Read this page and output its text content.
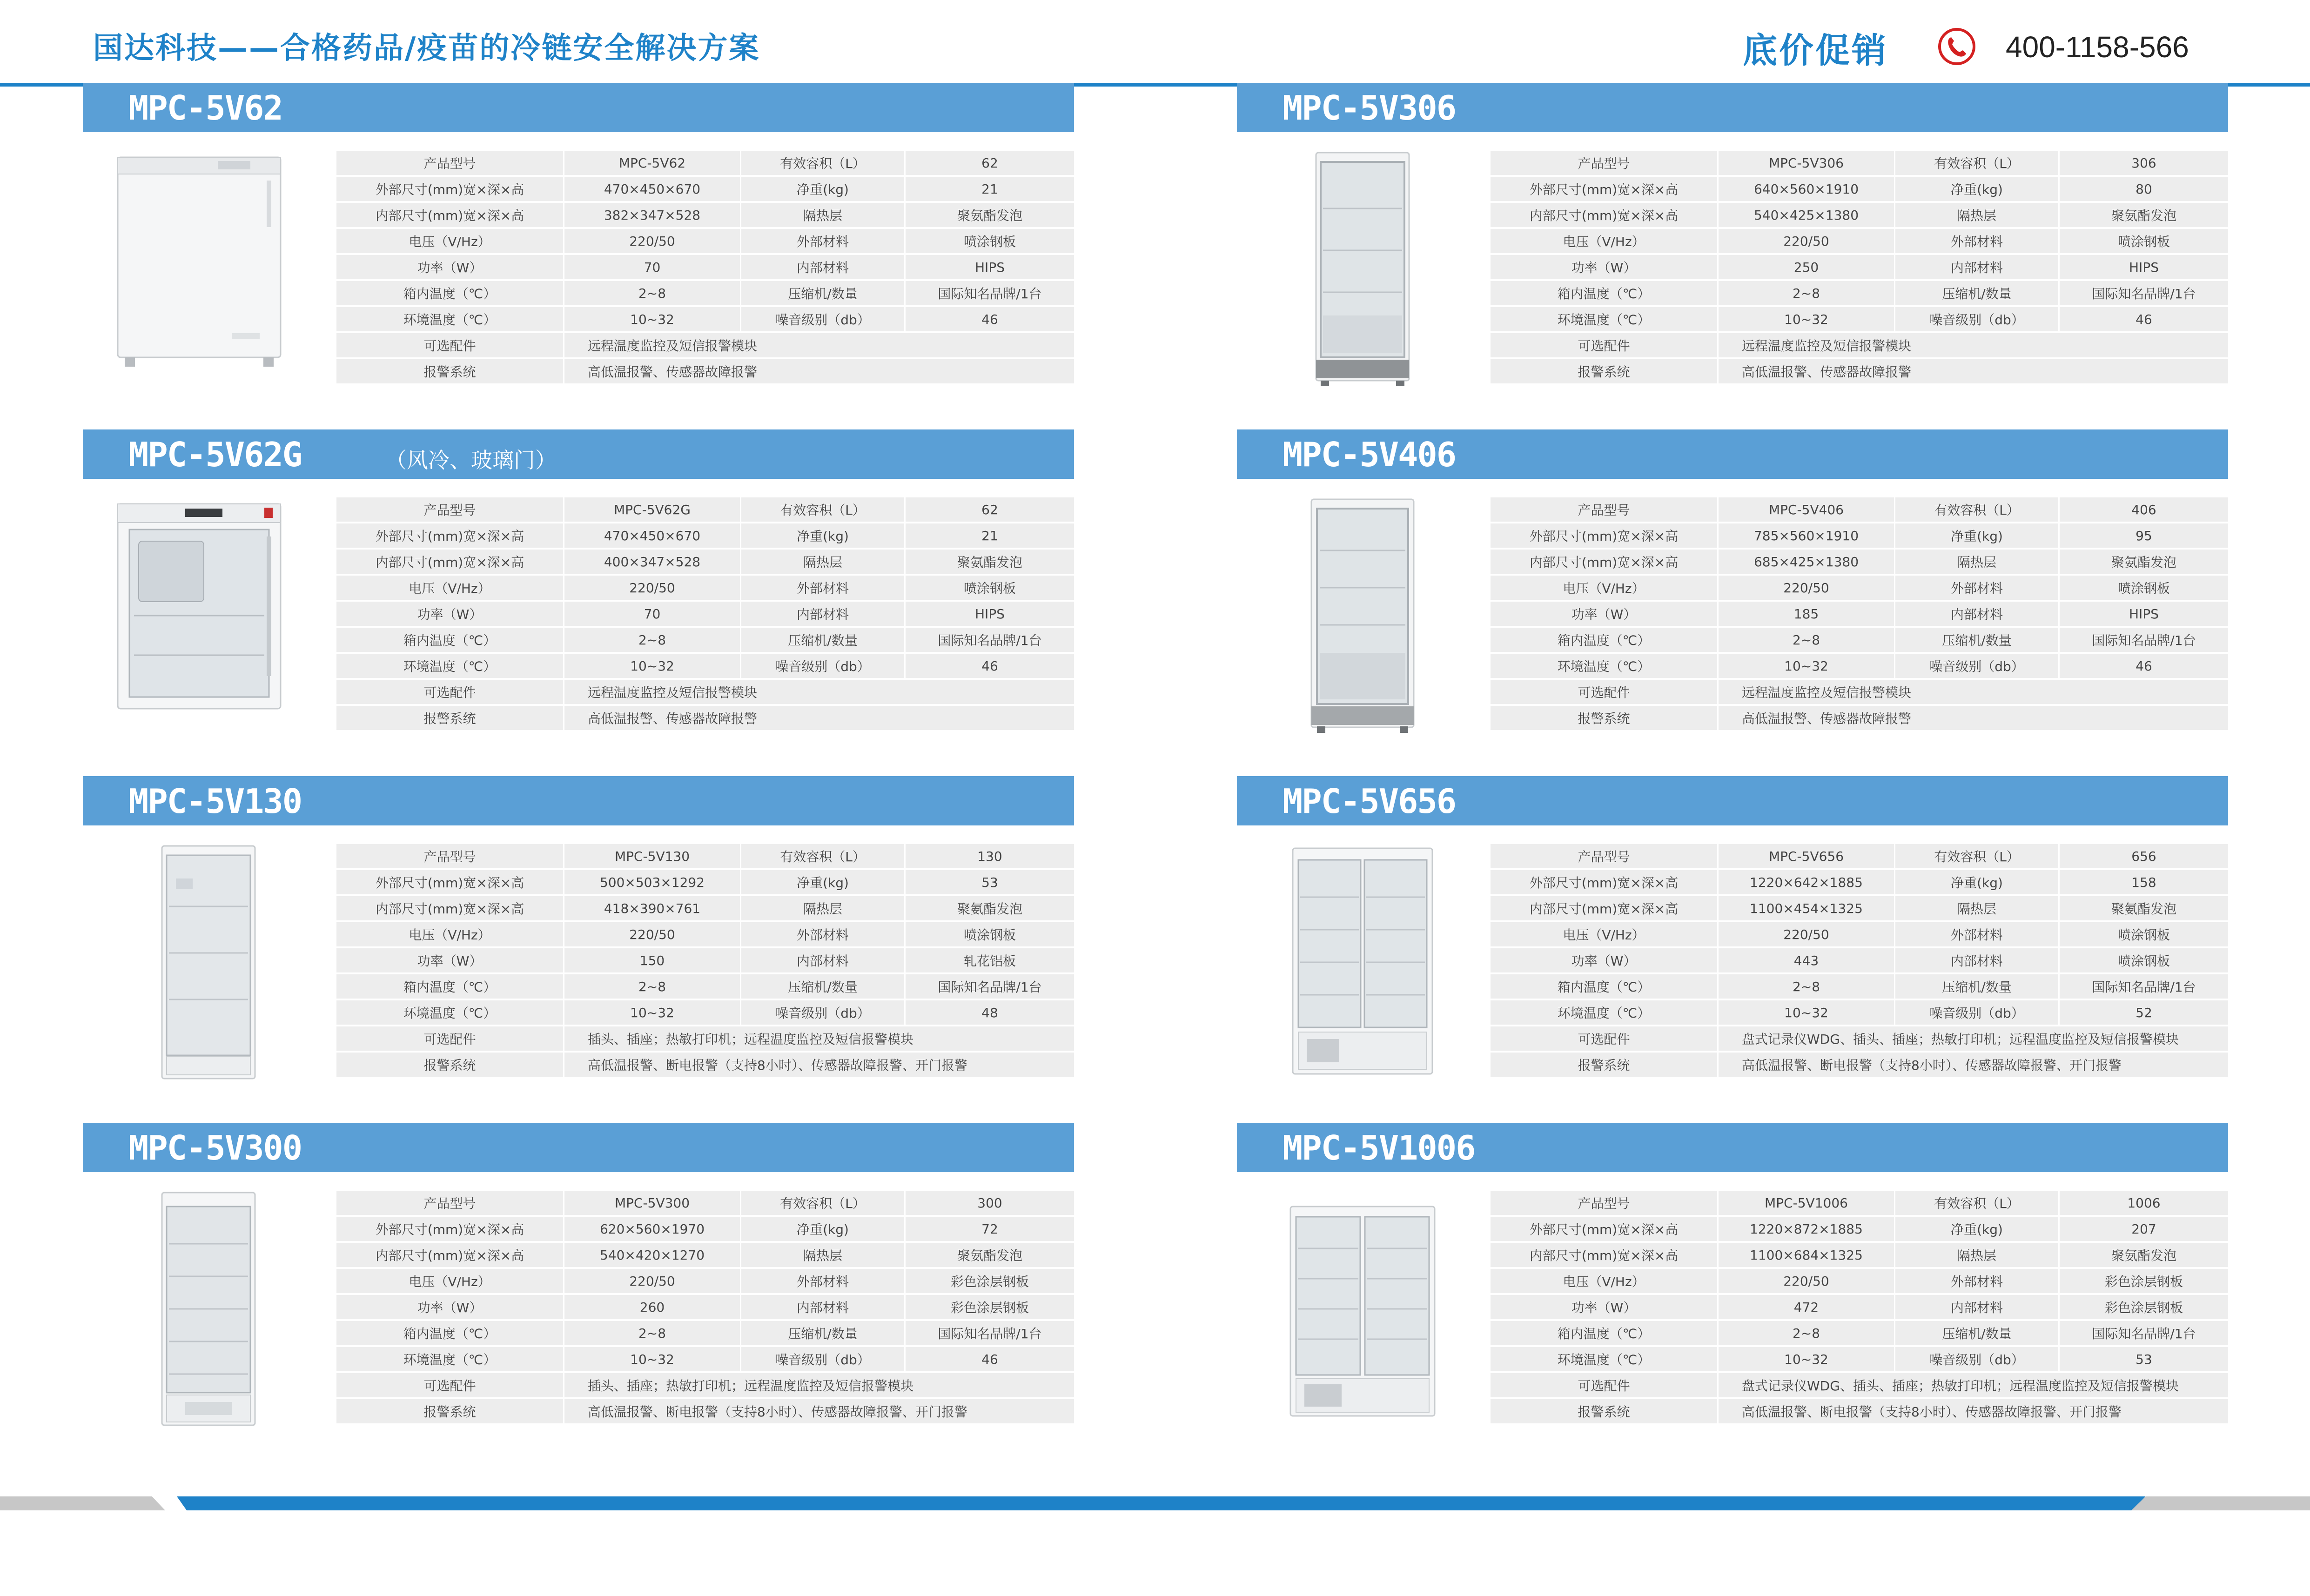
国达科技——合格药品/疫苗的冷链安全解决方案	底价促销	400-1158-566
MPC-5V62
产品型号	MPC-5V62	有效容积（L）	62
外部尺寸(mm)宽×深×高	470×450×670	净重(kg)	21
内部尺寸(mm)宽×深×高	382×347×528	隔热层	聚氨酯发泡
电压（V/Hz）	220/50	外部材料	喷涂钢板
功率（W）	70	内部材料	HIPS
箱内温度（℃）	2~8	压缩机/数量	国际知名品牌/1台
环境温度（℃）	10~32	噪音级别（db）	46
可选配件	远程温度监控及短信报警模块		
报警系统	高低温报警、传感器故障报警		
MPC-5V62G	（风冷、玻璃门）
产品型号	MPC-5V62G	有效容积（L）	62
外部尺寸(mm)宽×深×高	470×450×670	净重(kg)	21
内部尺寸(mm)宽×深×高	400×347×528	隔热层	聚氨酯发泡
电压（V/Hz）	220/50	外部材料	喷涂钢板
功率（W）	70	内部材料	HIPS
箱内温度（℃）	2~8	压缩机/数量	国际知名品牌/1台
环境温度（℃）	10~32	噪音级别（db）	46
可选配件	远程温度监控及短信报警模块		
报警系统	高低温报警、传感器故障报警		
MPC-5V130
产品型号	MPC-5V130	有效容积（L）	130
外部尺寸(mm)宽×深×高	500×503×1292	净重(kg)	53
内部尺寸(mm)宽×深×高	418×390×761	隔热层	聚氨酯发泡
电压（V/Hz）	220/50	外部材料	喷涂钢板
功率（W）	150	内部材料	轧花铝板
箱内温度（℃）	2~8	压缩机/数量	国际知名品牌/1台
环境温度（℃）	10~32	噪音级别（db）	48
可选配件	插头、插座；热敏打印机；远程温度监控及短信报警模块		
报警系统	高低温报警、断电报警（支持8小时）、传感器故障报警、开门报警		
MPC-5V300
产品型号	MPC-5V300	有效容积（L）	300
外部尺寸(mm)宽×深×高	620×560×1970	净重(kg)	72
内部尺寸(mm)宽×深×高	540×420×1270	隔热层	聚氨酯发泡
电压（V/Hz）	220/50	外部材料	彩色涂层钢板
功率（W）	260	内部材料	彩色涂层钢板
箱内温度（℃）	2~8	压缩机/数量	国际知名品牌/1台
环境温度（℃）	10~32	噪音级别（db）	46
可选配件	插头、插座；热敏打印机；远程温度监控及短信报警模块		
报警系统	高低温报警、断电报警（支持8小时）、传感器故障报警、开门报警		
MPC-5V306
产品型号	MPC-5V306	有效容积（L）	306
外部尺寸(mm)宽×深×高	640×560×1910	净重(kg)	80
内部尺寸(mm)宽×深×高	540×425×1380	隔热层	聚氨酯发泡
电压（V/Hz）	220/50	外部材料	喷涂钢板
功率（W）	250	内部材料	HIPS
箱内温度（℃）	2~8	压缩机/数量	国际知名品牌/1台
环境温度（℃）	10~32	噪音级别（db）	46
可选配件	远程温度监控及短信报警模块		
报警系统	高低温报警、传感器故障报警		
MPC-5V406
产品型号	MPC-5V406	有效容积（L）	406
外部尺寸(mm)宽×深×高	785×560×1910	净重(kg)	95
内部尺寸(mm)宽×深×高	685×425×1380	隔热层	聚氨酯发泡
电压（V/Hz）	220/50	外部材料	喷涂钢板
功率（W）	185	内部材料	HIPS
箱内温度（℃）	2~8	压缩机/数量	国际知名品牌/1台
环境温度（℃）	10~32	噪音级别（db）	46
可选配件	远程温度监控及短信报警模块		
报警系统	高低温报警、传感器故障报警		
MPC-5V656
产品型号	MPC-5V656	有效容积（L）	656
外部尺寸(mm)宽×深×高	1220×642×1885	净重(kg)	158
内部尺寸(mm)宽×深×高	1100×454×1325	隔热层	聚氨酯发泡
电压（V/Hz）	220/50	外部材料	喷涂钢板
功率（W）	443	内部材料	喷涂钢板
箱内温度（℃）	2~8	压缩机/数量	国际知名品牌/1台
环境温度（℃）	10~32	噪音级别（db）	52
可选配件	盘式记录仪WDG、插头、插座；热敏打印机；远程温度监控及短信报警模块		
报警系统	高低温报警、断电报警（支持8小时）、传感器故障报警、开门报警		
MPC-5V1006
产品型号	MPC-5V1006	有效容积（L）	1006
外部尺寸(mm)宽×深×高	1220×872×1885	净重(kg)	207
内部尺寸(mm)宽×深×高	1100×684×1325	隔热层	聚氨酯发泡
电压（V/Hz）	220/50	外部材料	彩色涂层钢板
功率（W）	472	内部材料	彩色涂层钢板
箱内温度（℃）	2~8	压缩机/数量	国际知名品牌/1台
环境温度（℃）	10~32	噪音级别（db）	53
可选配件	盘式记录仪WDG、插头、插座；热敏打印机；远程温度监控及短信报警模块		
报警系统	高低温报警、断电报警（支持8小时）、传感器故障报警、开门报警		
